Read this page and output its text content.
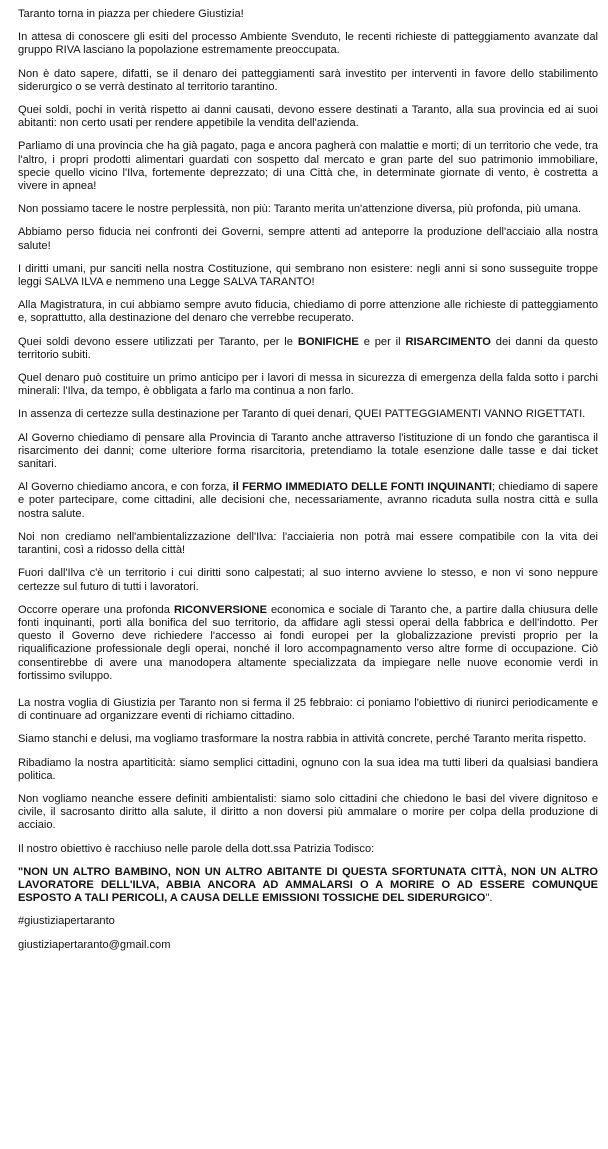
Taranto torna in piazza per chiedere Giustizia!

In attesa di conoscere gli esiti del processo Ambiente Svenduto, le recenti richieste di patteggiamento avanzate dal gruppo RIVA lasciano la popolazione estremamente preoccupata.

Non è dato sapere, difatti, se il denaro dei patteggiamenti sarà investito per interventi in favore dello stabilimento siderurgico o se verrà destinato al territorio tarantino.

Quei soldi, pochi in verità rispetto ai danni causati, devono essere destinati a Taranto, alla sua provincia ed ai suoi abitanti: non certo usati per rendere appetibile la vendita dell'azienda.

Parliamo di una provincia che ha già pagato, paga e ancora pagherà con malattie e morti; di un territorio che vede, tra l'altro, i propri prodotti alimentari guardati con sospetto dal mercato e gran parte del suo patrimonio immobiliare, specie quello vicino l'Ilva, fortemente deprezzato; di una Città che, in determinate giornate di vento, è costretta a vivere in apnea!

Non possiamo tacere le nostre perplessità, non più: Taranto merita un'attenzione diversa, più profonda, più umana.

Abbiamo perso fiducia nei confronti dei Governi, sempre attenti ad anteporre la produzione dell'acciaio alla nostra salute!

I diritti umani, pur sanciti nella nostra Costituzione, qui sembrano non esistere: negli anni si sono susseguite troppe leggi SALVA ILVA e nemmeno una Legge SALVA TARANTO!

Alla Magistratura, in cui abbiamo sempre avuto fiducia, chiediamo di porre attenzione alle richieste di patteggiamento e, soprattutto, alla destinazione del denaro che verrebbe recuperato.

Quei soldi devono essere utilizzati per Taranto, per le BONIFICHE e per il RISARCIMENTO dei danni da questo territorio subiti.

Quel denaro può costituire un primo anticipo per i lavori di messa in sicurezza di emergenza della falda sotto i parchi minerali: l'Ilva, da tempo, è obbligata a farlo ma continua a non farlo.

In assenza di certezze sulla destinazione per Taranto di quei denari, QUEI PATTEGGIAMENTI VANNO RIGETTATI.

Al Governo chiediamo di pensare alla Provincia di Taranto anche attraverso l'istituzione di un fondo che garantisca il risarcimento dei danni; come ulteriore forma risarcitoria, pretendiamo la totale esenzione dalle tasse e dai ticket sanitari.

Al Governo chiediamo ancora, e con forza, il FERMO IMMEDIATO DELLE FONTI INQUINANTI; chiediamo di sapere e poter partecipare, come cittadini, alle decisioni che, necessariamente, avranno ricaduta sulla nostra città e sulla nostra salute.

Noi non crediamo nell'ambientalizzazione dell'Ilva: l'acciaieria non potrà mai essere compatibile con la vita dei tarantini, così a ridosso della città!

Fuori dall'Ilva c'è un territorio i cui diritti sono calpestati; al suo interno avviene lo stesso, e non vi sono neppure certezze sul futuro di tutti i lavoratori.

Occorre operare una profonda RICONVERSIONE economica e sociale di Taranto che, a partire dalla chiusura delle fonti inquinanti, porti alla bonifica del suo territorio, da affidare agli stessi operai della fabbrica e dell'indotto. Per questo il Governo deve richiedere l'accesso ai fondi europei per la globalizzazione previsti proprio per la riqualificazione professionale degli operai, nonché il loro accompagnamento verso altre forme di occupazione. Ciò consentirebbe di avere una manodopera altamente specializzata da impiegare nelle nuove economie verdi in fortissimo sviluppo.

La nostra voglia di Giustizia per Taranto non si ferma il 25 febbraio: ci poniamo l'obiettivo di riunirci periodicamente e di continuare ad organizzare eventi di richiamo cittadino.

Siamo stanchi e delusi, ma vogliamo trasformare la nostra rabbia in attività concrete, perché Taranto merita rispetto.

Ribadiamo la nostra apartiticità: siamo semplici cittadini, ognuno con la sua idea ma tutti liberi da qualsiasi bandiera politica.

Non vogliamo neanche essere definiti ambientalisti: siamo solo cittadini che chiedono le basi del vivere dignitoso e civile, il sacrosanto diritto alla salute, il diritto a non doversi più ammalare o morire per colpa della produzione di acciaio.

Il nostro obiettivo è racchiuso nelle parole della dott.ssa Patrizia Todisco:

"NON UN ALTRO BAMBINO, NON UN ALTRO ABITANTE DI QUESTA SFORTUNATA CITTÀ, NON UN ALTRO LAVORATORE DELL'ILVA, ABBIA ANCORA AD AMMALARSI O A MORIRE O AD ESSERE COMUNQUE ESPOSTO A TALI PERICOLI, A CAUSA DELLE EMISSIONI TOSSICHE DEL SIDERURGICO".

#giustiziapertaranto

giustiziapertaranto@gmail.com
